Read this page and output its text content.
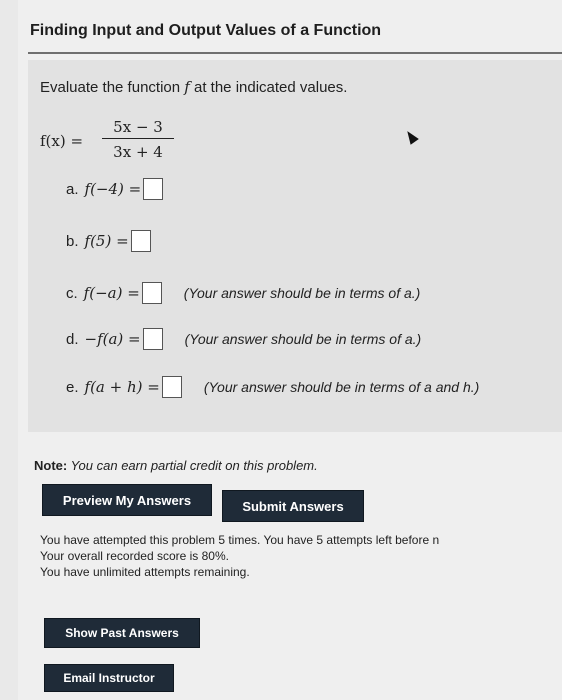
Finding Input and Output Values of a Function
Evaluate the function f at the indicated values.
$f(x) = \frac{5x - 3}{3x + 4}$
a. f(−4) =
b. f(5) =
c. f(−a) =	(Your answer should be in terms of a.)
d. −f(a) =	(Your answer should be in terms of a.)
e. f(a + h) =	(Your answer should be in terms of a and h.)
Note: You can earn partial credit on this problem.
Preview My Answers	Submit Answers
You have attempted this problem 5 times. You have 5 attempts left before n
Your overall recorded score is 80%.
You have unlimited attempts remaining.
Show Past Answers
Email Instructor
